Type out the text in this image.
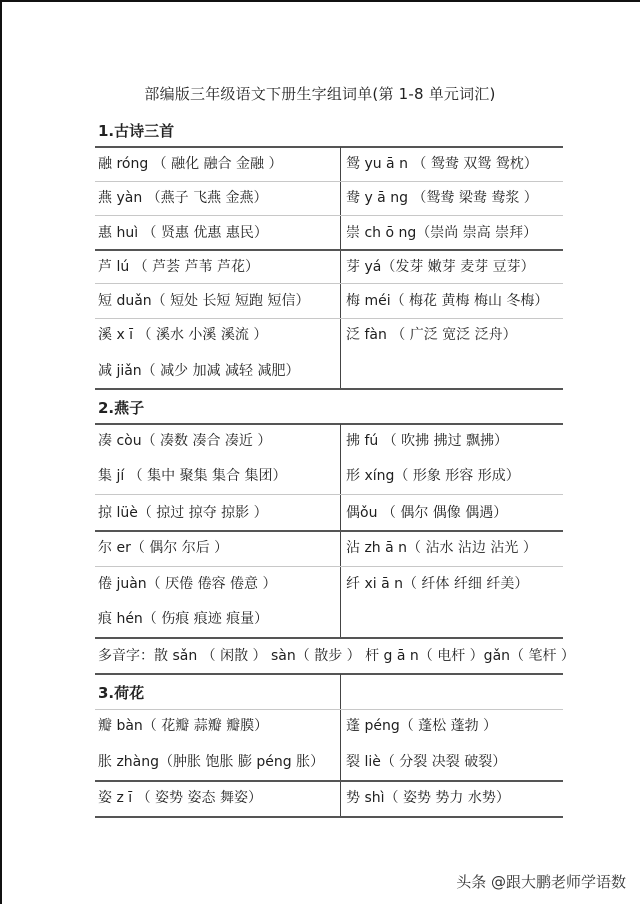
部编版三年级语文下册生字组词单(第 1-8 单元词汇)
1.古诗三首
融 róng （ 融化 融合 金融 ）	鸳 yu ā n （ 鸳鸯 双鸳 鸳枕）
燕 yàn （燕子 飞燕 金燕）	鸯 y ā ng （鸳鸯 梁鸯 鸯浆 ）
惠 huì （ 贤惠 优惠 惠民）	崇 ch ō ng（崇尚 崇高 崇拜）
芦 lú （ 芦荟 芦苇 芦花）	芽 yá（发芽 嫩芽 麦芽 豆芽）
短 duǎn（ 短处 长短 短跑 短信）	梅 méi（ 梅花 黄梅 梅山 冬梅）
溪 x ī （ 溪水 小溪 溪流 ）	泛 fàn （ 广泛 宽泛 泛舟）
减 jiǎn（ 减少 加减 减轻 减肥）
2.燕子
凑 còu（ 凑数 凑合 凑近 ）	拂 fú （ 吹拂 拂过 飘拂）
集 jí （ 集中 聚集 集合 集团）	形 xíng（ 形象 形容 形成）
掠 lüè（ 掠过 掠夺 掠影 ）	偶ǒu （ 偶尔 偶像 偶遇）
尔 er（ 偶尔 尔后 ）	沾 zh ā n（ 沾水 沾边 沾光 ）
倦 juàn（ 厌倦 倦容 倦意 ）	纤 xi ā n（ 纤体 纤细 纤美）
痕 hén（ 伤痕 痕迹 痕量）
多音字：散 sǎn （ 闲散 ） sàn（ 散步 ） 杆 g ā n（ 电杆 ）gǎn（ 笔杆 ）
3.荷花
瓣 bàn（ 花瓣 蒜瓣 瓣膜）	蓬 péng（ 蓬松 蓬勃 ）
胀 zhàng（肿胀 饱胀 膨 péng 胀） 裂 liè（ 分裂 决裂 破裂）
姿 z ī （ 姿势 姿态 舞姿）	势 shì（ 姿势 势力 水势）
头条 @跟大鹏老师学语数
